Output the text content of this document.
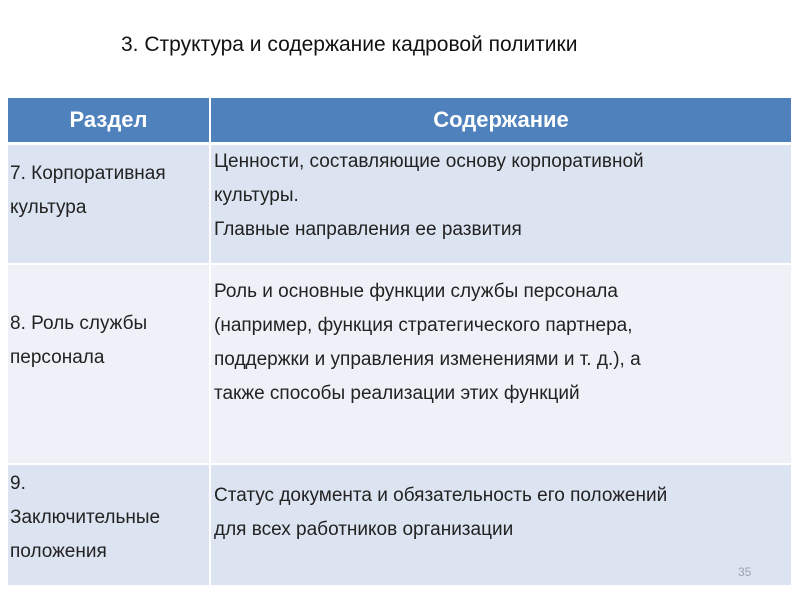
3. Структура и содержание кадровой политики
Раздел	Содержание

7. Корпоративная
культура	Ценности, составляющие основу корпоративной
культуры.
Главные направления ее развития

8. Роль службы
персонала	Роль и основные функции службы персонала
(например, функция стратегического партнера,
поддержки и управления изменениями и т. д.), а
также способы реализации этих функций

9.
Заключительные
положения	Статус документа и обязательность его положений
для всех работников организации
35
